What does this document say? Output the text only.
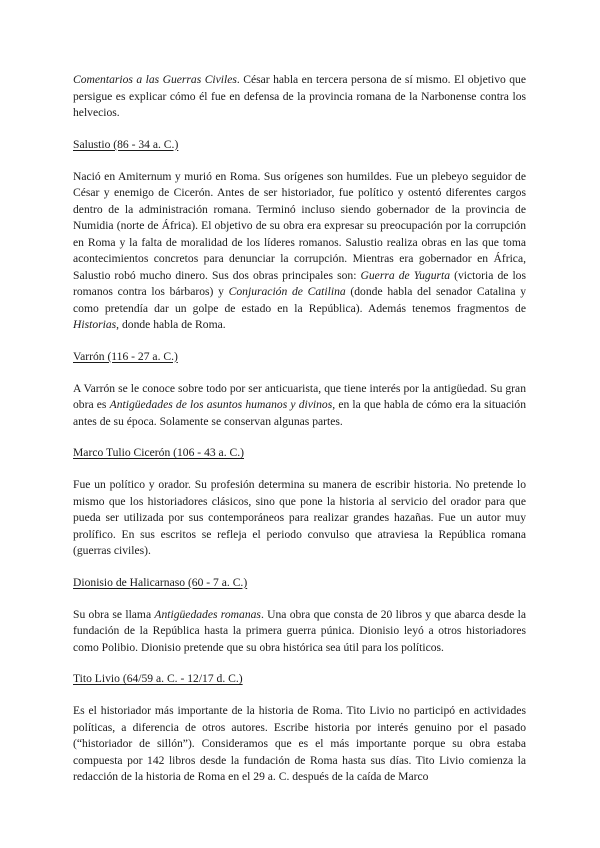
Comentarios a las Guerras Civiles. César habla en tercera persona de sí mismo. El objetivo que persigue es explicar cómo él fue en defensa de la provincia romana de la Narbonense contra los helvecios.

Salustio (86 - 34 a. C.)

Nació en Amiternum y murió en Roma. Sus orígenes son humildes. Fue un plebeyo seguidor de César y enemigo de Cicerón. Antes de ser historiador, fue político y ostentó diferentes cargos dentro de la administración romana. Terminó incluso siendo gobernador de la provincia de Numidia (norte de África). El objetivo de su obra era expresar su preocupación por la corrupción en Roma y la falta de moralidad de los líderes romanos. Salustio realiza obras en las que toma acontecimientos concretos para denunciar la corrupción. Mientras era gobernador en África, Salustio robó mucho dinero. Sus dos obras principales son: Guerra de Yugurta (victoria de los romanos contra los bárbaros) y Conjuración de Catilina (donde habla del senador Catalina y como pretendía dar un golpe de estado en la República). Además tenemos fragmentos de Historias, donde habla de Roma.

Varrón (116 - 27 a. C.)

A Varrón se le conoce sobre todo por ser anticuarista, que tiene interés por la antigüedad. Su gran obra es Antigüedades de los asuntos humanos y divinos, en la que habla de cómo era la situación antes de su época. Solamente se conservan algunas partes.

Marco Tulio Cicerón (106 - 43 a. C.)

Fue un político y orador. Su profesión determina su manera de escribir historia. No pretende lo mismo que los historiadores clásicos, sino que pone la historia al servicio del orador para que pueda ser utilizada por sus contemporáneos para realizar grandes hazañas. Fue un autor muy prolífico. En sus escritos se refleja el periodo convulso que atraviesa la República romana (guerras civiles).

Dionisio de Halicarnaso (60 - 7 a. C.)

Su obra se llama Antigüedades romanas. Una obra que consta de 20 libros y que abarca desde la fundación de la República hasta la primera guerra púnica. Dionisio leyó a otros historiadores como Polibio. Dionisio pretende que su obra histórica sea útil para los políticos.

Tito Livio (64/59 a. C. - 12/17 d. C.)

Es el historiador más importante de la historia de Roma. Tito Livio no participó en actividades políticas, a diferencia de otros autores. Escribe historia por interés genuino por el pasado (“historiador de sillón”). Consideramos que es el más importante porque su obra estaba compuesta por 142 libros desde la fundación de Roma hasta sus días. Tito Livio comienza la redacción de la historia de Roma en el 29 a. C. después de la caída de Marco
